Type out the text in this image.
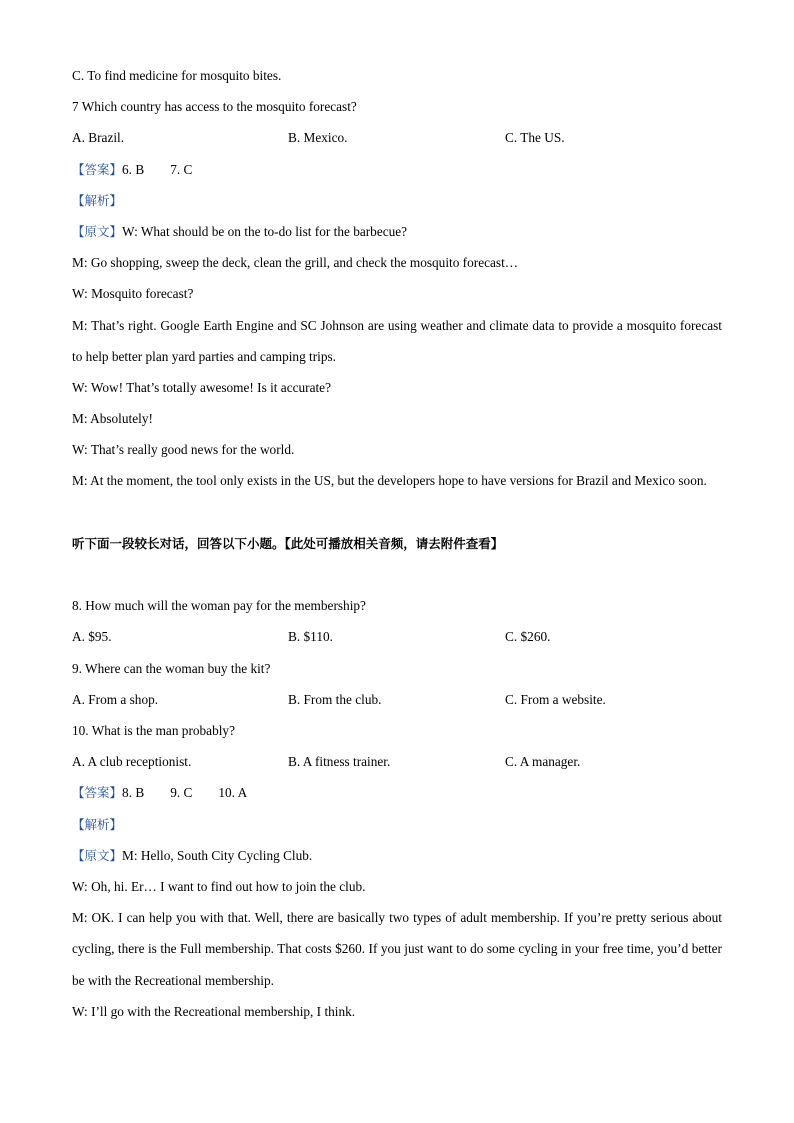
C. To find medicine for mosquito bites.
7 Which country has access to the mosquito forecast?
A. Brazil.	B. Mexico.	C. The US.
【答案】6. B 7. C
【解析】
【原文】W: What should be on the to-do list for the barbecue?
M: Go shopping, sweep the deck, clean the grill, and check the mosquito forecast…
W: Mosquito forecast?
M: That’s right. Google Earth Engine and SC Johnson are using weather and climate data to provide a mosquito forecast to help better plan yard parties and camping trips.
W: Wow! That’s totally awesome! Is it accurate?
M: Absolutely!
W: That’s really good news for the world.
M: At the moment, the tool only exists in the US, but the developers hope to have versions for Brazil and Mexico soon.
听下面一段较长对话，回答以下小题。【此处可播放相关音频，请去附件查看】
8. How much will the woman pay for the membership?
A. $95.	B. $110.	C. $260.
9. Where can the woman buy the kit?
A. From a shop.	B. From the club.	C. From a website.
10. What is the man probably?
A. A club receptionist.	B. A fitness trainer.	C. A manager.
【答案】8. B 9. C 10. A
【解析】
【原文】M: Hello, South City Cycling Club.
W: Oh, hi. Er… I want to find out how to join the club.
M: OK. I can help you with that. Well, there are basically two types of adult membership. If you’re pretty serious about cycling, there is the Full membership. That costs $260. If you just want to do some cycling in your free time, you’d better be with the Recreational membership.
W: I’ll go with the Recreational membership, I think.
